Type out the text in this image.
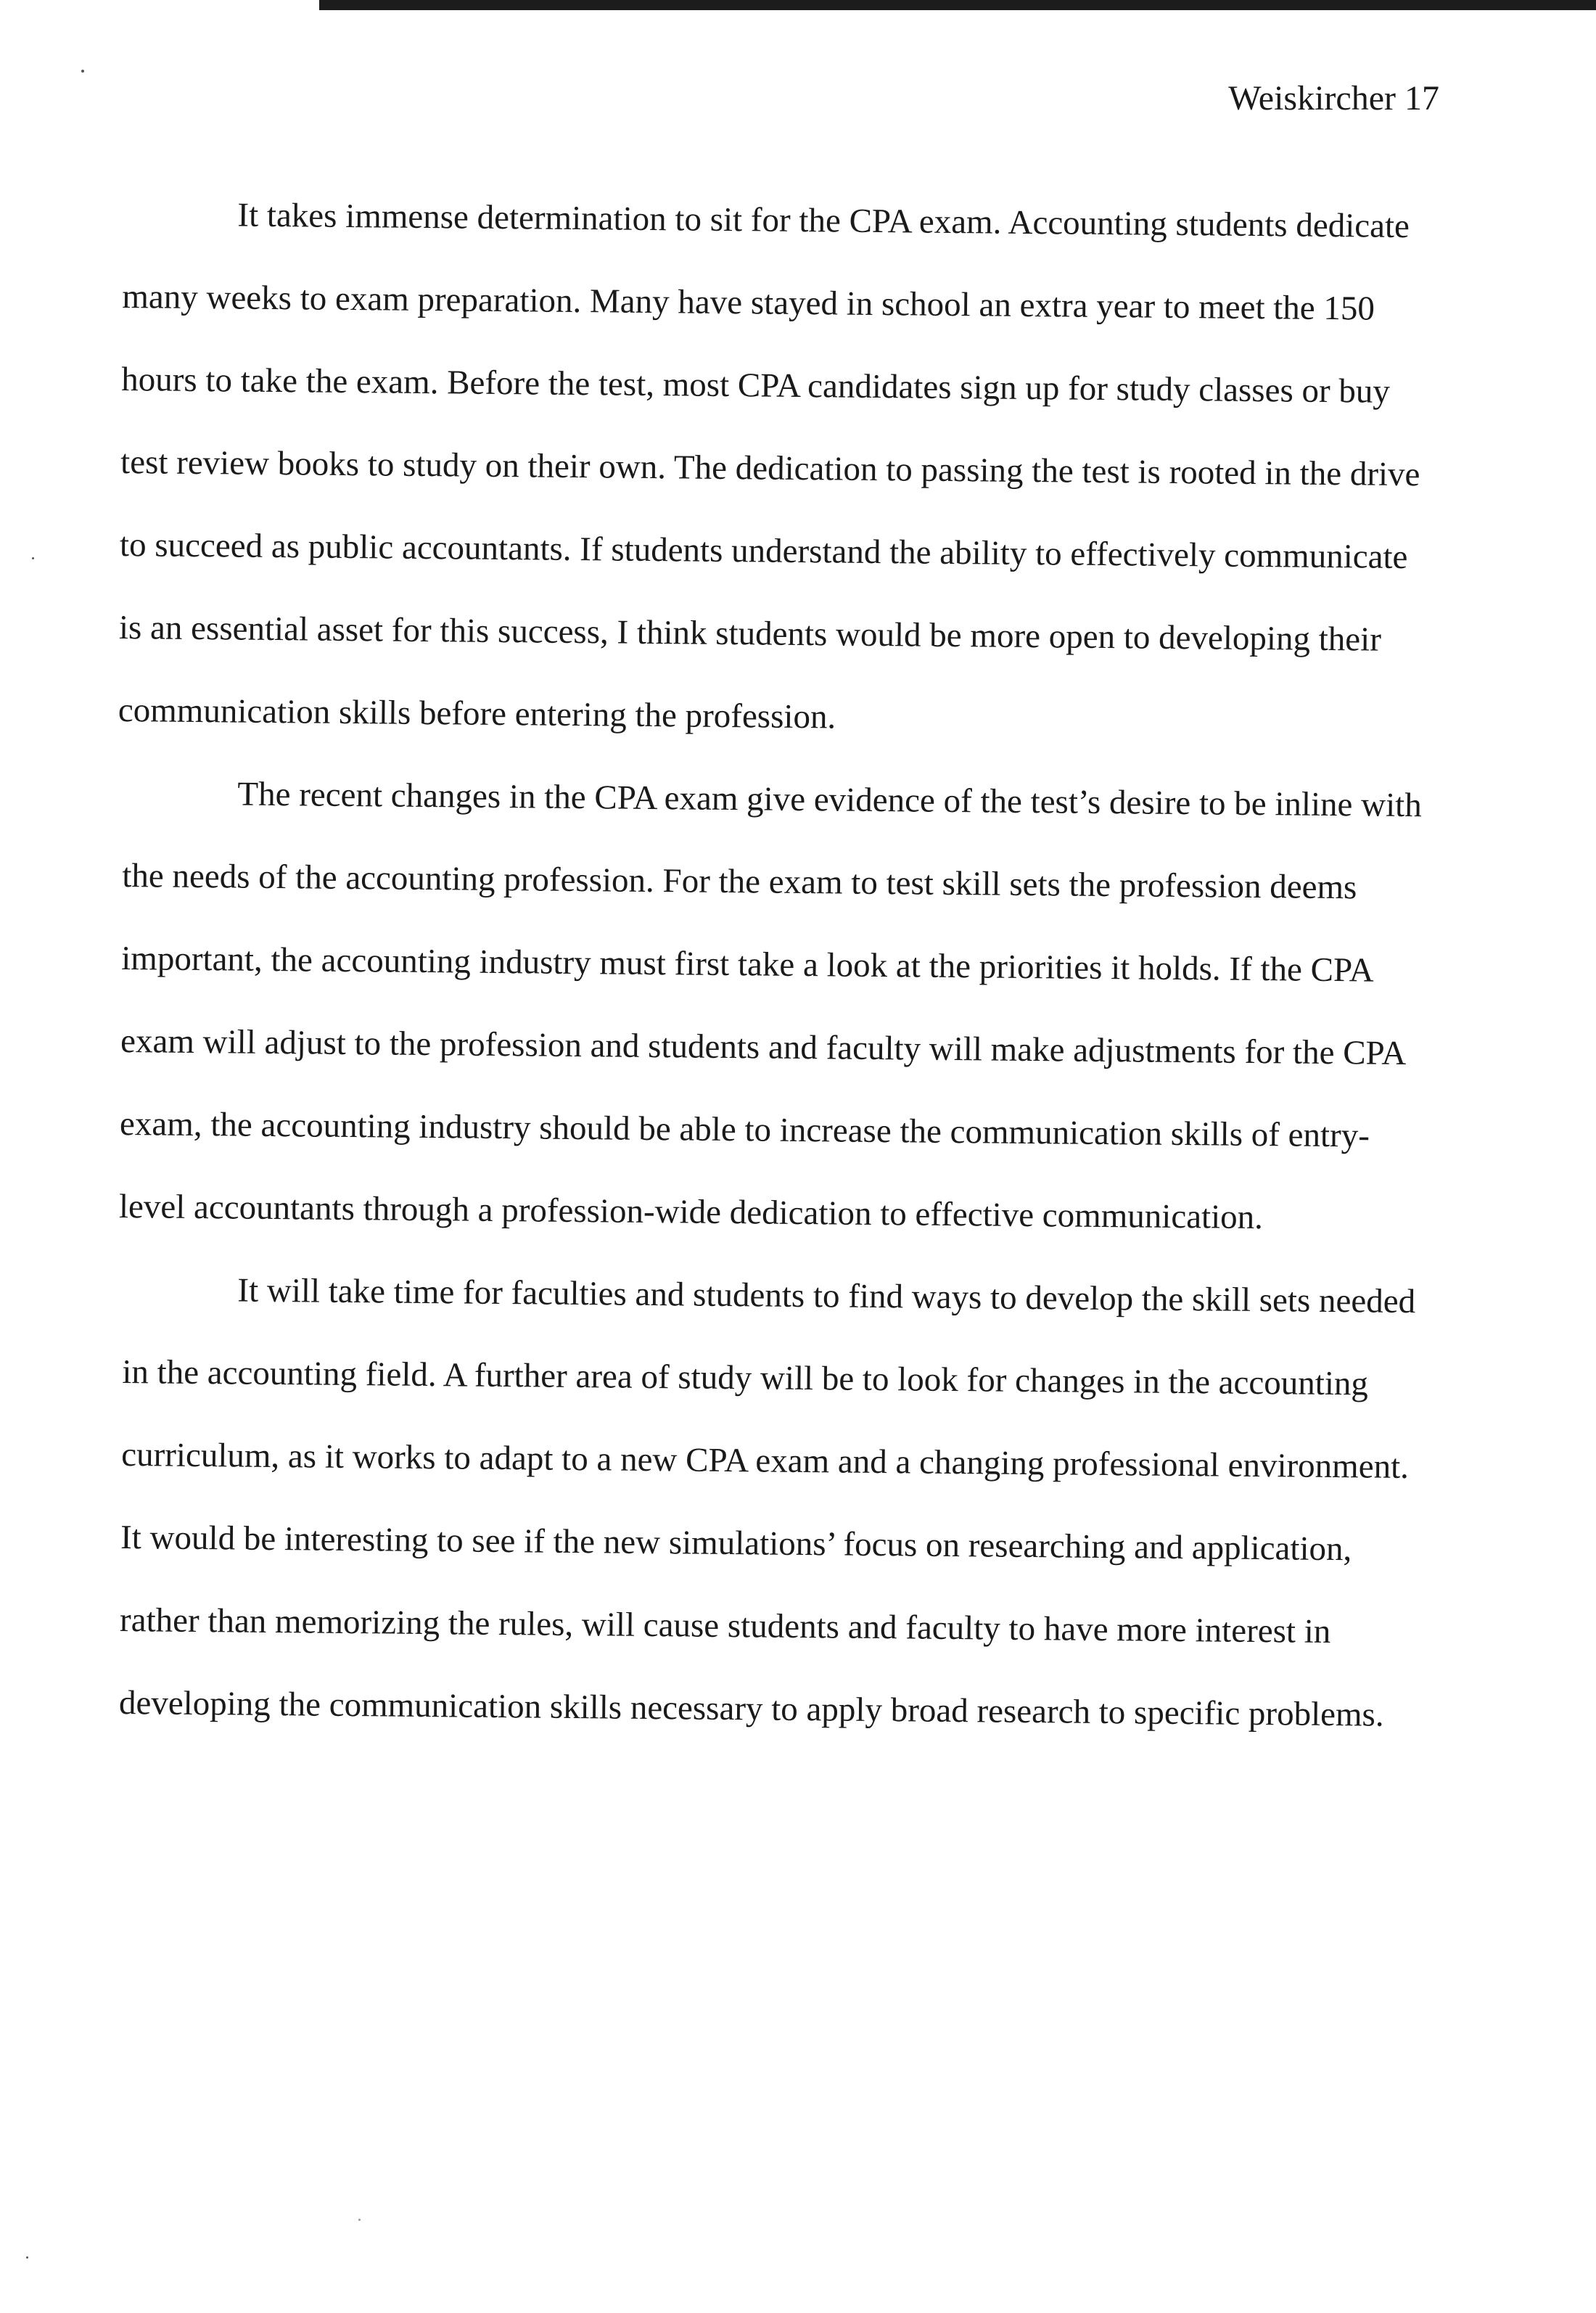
Weiskircher 17

It takes immense determination to sit for the CPA exam. Accounting students dedicate many weeks to exam preparation. Many have stayed in school an extra year to meet the 150 hours to take the exam. Before the test, most CPA candidates sign up for study classes or buy test review books to study on their own. The dedication to passing the test is rooted in the drive to succeed as public accountants. If students understand the ability to effectively communicate is an essential asset for this success, I think students would be more open to developing their communication skills before entering the profession.

The recent changes in the CPA exam give evidence of the test’s desire to be inline with the needs of the accounting profession. For the exam to test skill sets the profession deems important, the accounting industry must first take a look at the priorities it holds. If the CPA exam will adjust to the profession and students and faculty will make adjustments for the CPA exam, the accounting industry should be able to increase the communication skills of entry-level accountants through a profession-wide dedication to effective communication.

It will take time for faculties and students to find ways to develop the skill sets needed in the accounting field. A further area of study will be to look for changes in the accounting curriculum, as it works to adapt to a new CPA exam and a changing professional environment. It would be interesting to see if the new simulations’ focus on researching and application, rather than memorizing the rules, will cause students and faculty to have more interest in developing the communication skills necessary to apply broad research to specific problems.
